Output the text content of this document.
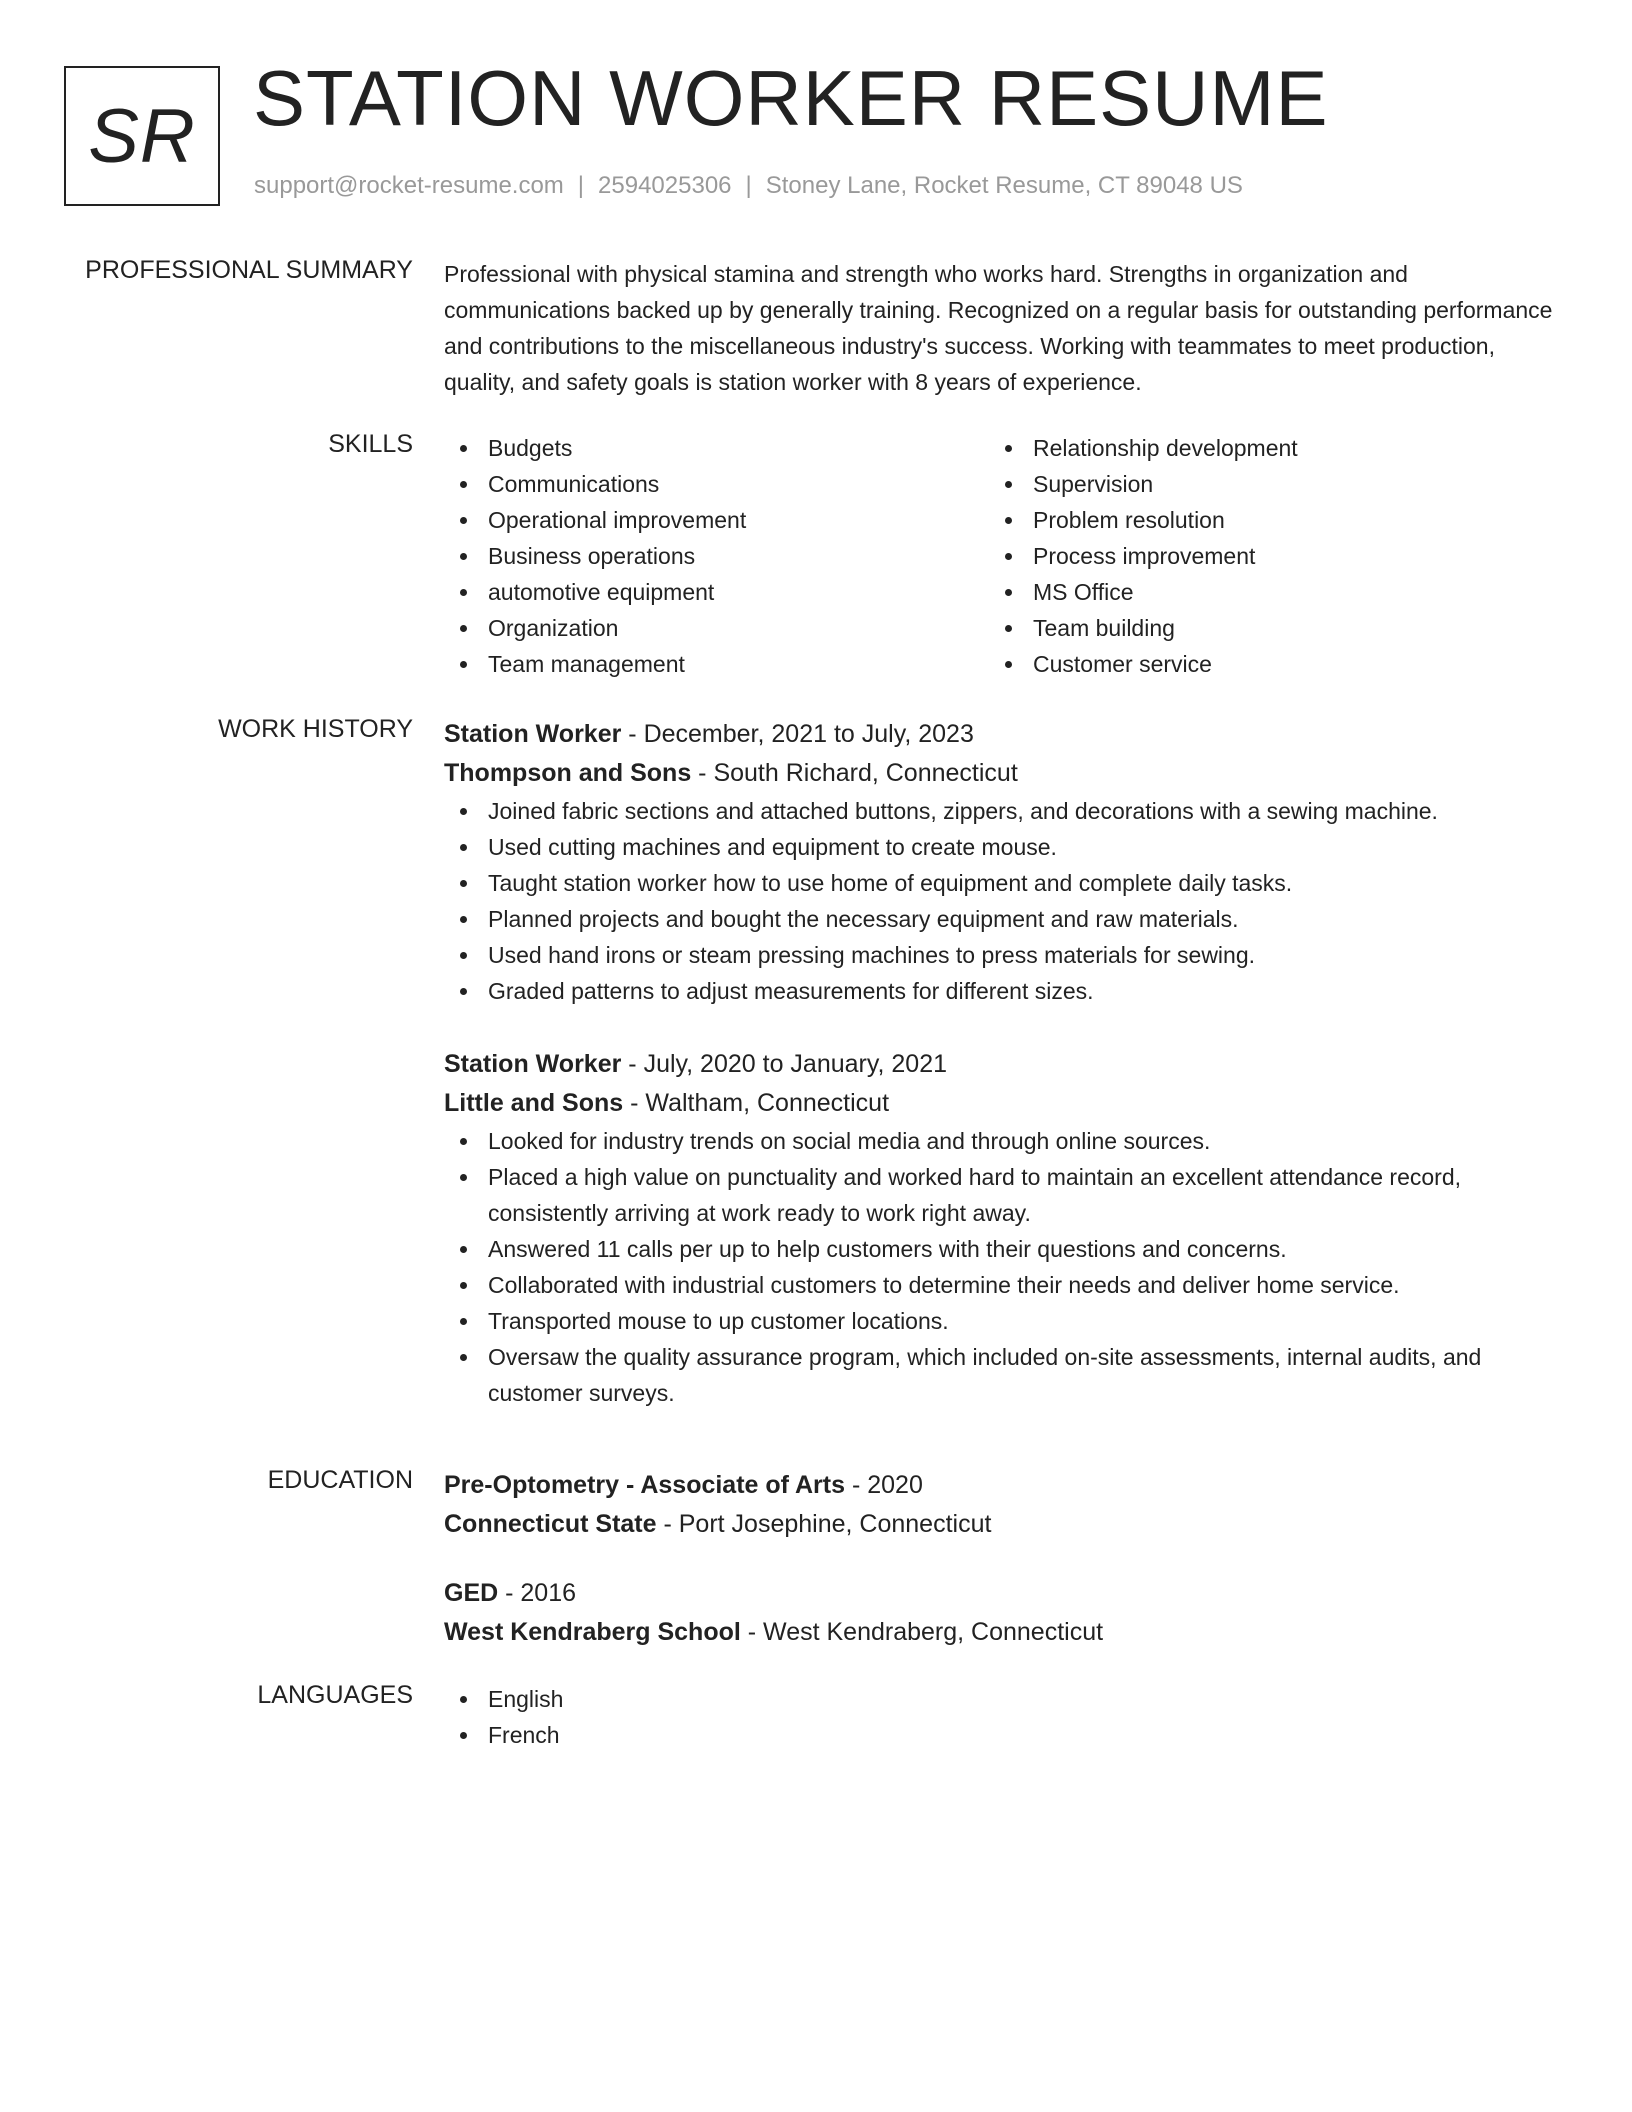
SR STATION WORKER RESUME
support@rocket-resume.com | 2594025306 | Stoney Lane, Rocket Resume, CT 89048 US
PROFESSIONAL SUMMARY Professional with physical stamina and strength who works hard. Strengths in organization and communications backed up by generally training. Recognized on a regular basis for outstanding performance and contributions to the miscellaneous industry's success. Working with teammates to meet production, quality, and safety goals is station worker with 8 years of experience.

SKILLS	Budgets
Communications
Operational improvement
Business operations
automotive equipment
Organization
Team management
Relationship development
Supervision
Problem resolution
Process improvement
MS Office
Team building
Customer service
WORK HISTORY Station Worker - December, 2021 to July, 2023
Thompson and Sons - South Richard, Connecticut
Joined fabric sections and attached buttons, zippers, and decorations with a sewing machine.
Used cutting machines and equipment to create mouse.
Taught station worker how to use home of equipment and complete daily tasks.
Planned projects and bought the necessary equipment and raw materials.
Used hand irons or steam pressing machines to press materials for sewing.
Graded patterns to adjust measurements for different sizes.
Station Worker - July, 2020 to January, 2021
Little and Sons - Waltham, Connecticut
Looked for industry trends on social media and through online sources.
Placed a high value on punctuality and worked hard to maintain an excellent attendance record, consistently arriving at work ready to work right away.
Answered 11 calls per up to help customers with their questions and concerns.
Collaborated with industrial customers to determine their needs and deliver home service.
Transported mouse to up customer locations.
Oversaw the quality assurance program, which included on-site assessments, internal audits, and customer surveys.
EDUCATION Pre-Optometry - Associate of Arts - 2020
Connecticut State - Port Josephine, Connecticut
GED - 2016
West Kendraberg School - West Kendraberg, Connecticut
LANGUAGES	English
French
